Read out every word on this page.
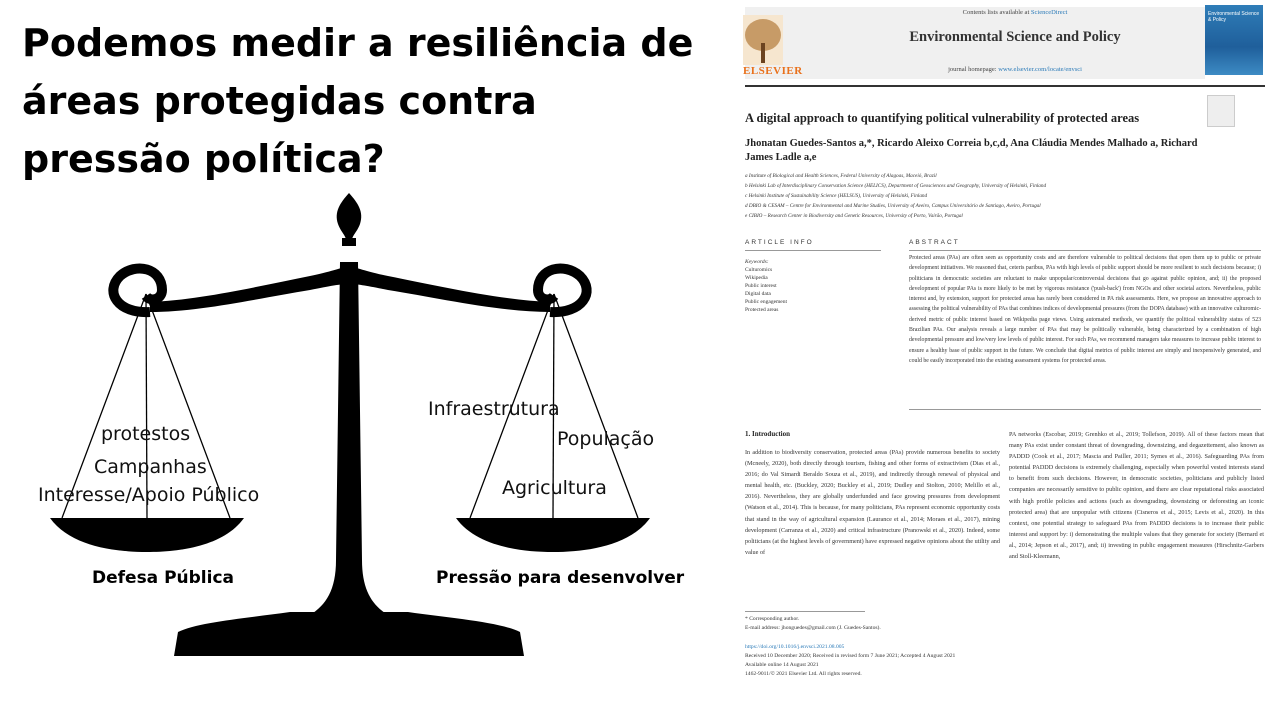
Podemos medir a resiliência de áreas protegidas contra pressão política?
protestos
Campanhas
Interesse/Apoio Público
Defesa Pública
Infraestrutura
População
Agricultura
Pressão para desenvolver
ELSEVIER
Contents lists available at ScienceDirect
Environmental Science and Policy
journal homepage: www.elsevier.com/locate/envsci
Environmental Science & Policy
A digital approach to quantifying political vulnerability of protected areas
Jhonatan Guedes-Santos a,*, Ricardo Aleixo Correia b,c,d, Ana Cláudia Mendes Malhado a, Richard James Ladle a,e
a Institute of Biological and Health Sciences, Federal University of Alagoas, Maceió, Brazil
b Helsinki Lab of Interdisciplinary Conservation Science (HELICS), Department of Geosciences and Geography, University of Helsinki, Finland
c Helsinki Institute of Sustainability Science (HELSUS), University of Helsinki, Finland
d DBIO & CESAM – Centre for Environmental and Marine Studies, University of Aveiro, Campus Universitário de Santiago, Aveiro, Portugal
e CIBIO – Research Center in Biodiversity and Genetic Resources, University of Porto, Vairão, Portugal
ARTICLE INFO	ABSTRACT
Keywords:
Culturomics
Wikipedia
Public interest
Digital data
Public engagement
Protected areas
Protected areas (PAs) are often seen as opportunity costs and are therefore vulnerable to political decisions that open them up to public or private development initiatives. We reasoned that, ceteris paribus, PAs with high levels of public support should be more resilient to such decisions because; i) politicians in democratic societies are reluctant to make unpopular/controversial decisions that go against public opinion, and; ii) the proposed development of popular PAs is more likely to be met by vigorous resistance ('push-back') from NGOs and other societal actors. Nevertheless, public interest and, by extension, support for protected areas has rarely been considered in PA risk assessments. Here, we propose an innovative approach to assessing the political vulnerability of PAs that combines indices of developmental pressures (from the DOPA database) with an innovative culturomic-derived metric of public interest based on Wikipedia page views. Using automated methods, we quantify the political vulnerability status of 523 Brazilian PAs. Our analysis reveals a large number of PAs that may be politically vulnerable, being characterized by a combination of high developmental pressure and low/very low levels of public interest. For such PAs, we recommend managers take measures to increase public interest to ensure a healthy base of public support in the future. We conclude that digital metrics of public interest are simply and inexpensively generated, and could be easily incorporated into the existing assessment systems for protected areas.
1. Introduction
In addition to biodiversity conservation, protected areas (PAs) provide numerous benefits to society (Mcneely, 2020), both directly through tourism, fishing and other forms of extractivism (Dias et al., 2016; do Val Simardi Beraldo Souza et al., 2019), and indirectly through renewal of physical and mental health, etc. (Buckley, 2020; Buckley et al., 2019; Dudley and Stolton, 2010; Melillo et al., 2016). Nevertheless, they are globally underfunded and face growing pressures from development (Watson et al., 2014). This is because, for many politicians, PAs represent economic opportunity costs that stand in the way of agricultural expansion (Laurance et al., 2014; Moraes et al., 2017), mining development (Carranza et al., 2020) and critical infrastructure (Pranowski et al., 2020). Indeed, some politicians (at the highest levels of government) have expressed negative opinions about the utility and value of
PA networks (Escobar, 2019; Grenhko et al., 2019; Tollefson, 2019). All of these factors mean that many PAs exist under constant threat of downgrading, downsizing, and degazettement, also known as PADDD (Cook et al., 2017; Mascia and Pailler, 2011; Symes et al., 2016). Safeguarding PAs from potential PADDD decisions is extremely challenging, especially when powerful vested interests stand to benefit from such decisions. However, in democratic societies, politicians and publicly listed companies are necessarily sensitive to public opinion, and there are clear reputational risks associated with high profile policies and actions (such as downgrading, downsizing or deforesting an iconic protected area) that are unpopular with citizens (Cisneros et al., 2015; Levis et al., 2020). In this context, one potential strategy to safeguard PAs from PADDD decisions is to increase their public interest and support by: i) demonstrating the multiple values that they generate for society (Bernard et al., 2014; Jepson et al., 2017), and; ii) investing in public engagement measures (Hirschnitz-Garbers and Stoll-Kleemann,
* Corresponding author.
E-mail address: jhonguedes@gmail.com (J. Guedes-Santos).
https://doi.org/10.1016/j.envsci.2021.08.005
Received 10 December 2020; Received in revised form 7 June 2021; Accepted 4 August 2021
Available online 14 August 2021
1462-9011/© 2021 Elsevier Ltd. All rights reserved.
